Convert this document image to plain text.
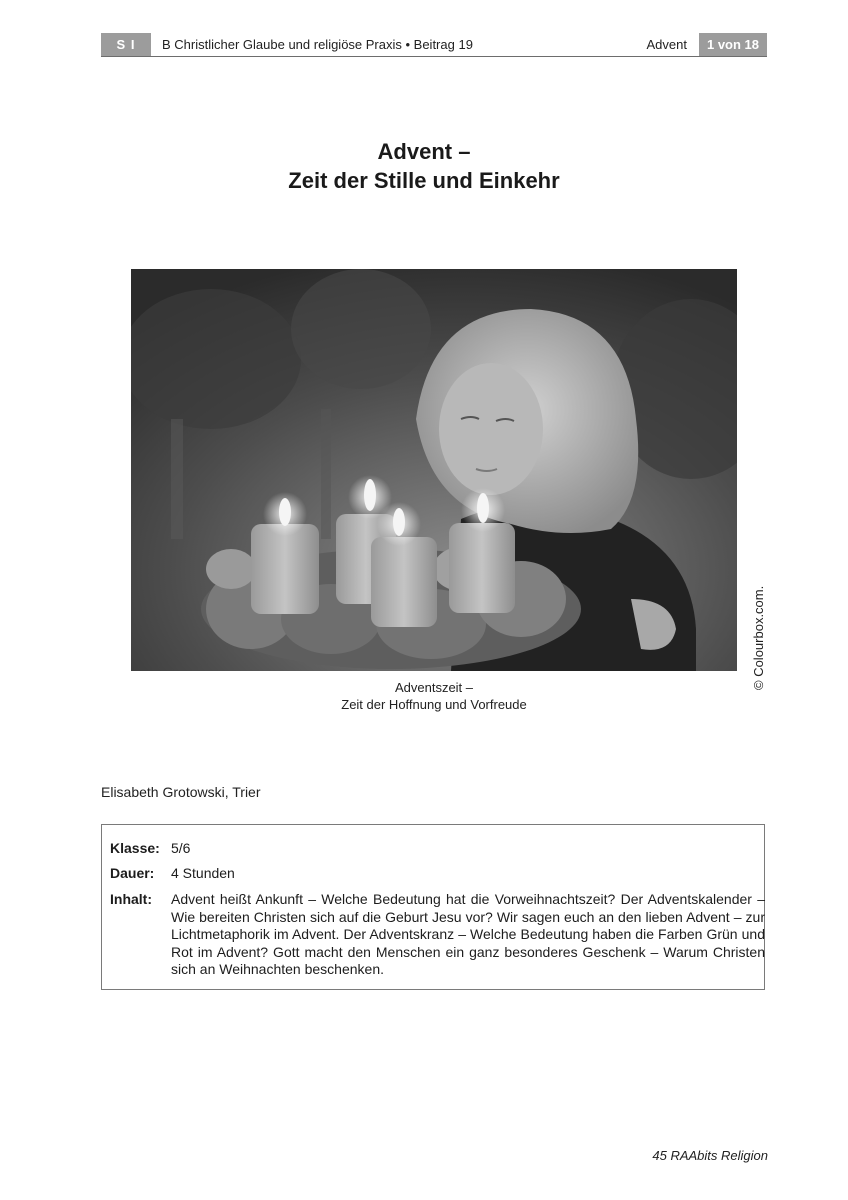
S I	B Christlicher Glaube und religiöse Praxis • Beitrag 19	Advent	1 von 18
Advent –
Zeit der Stille und Einkehr
© Colourbox.com.
Adventszeit –
Zeit der Hoffnung und Vorfreude
Elisabeth Grotowski, Trier
Klasse: 5/6
Dauer:	4 Stunden
Inhalt:	Advent heißt Ankunft – Welche Bedeutung hat die Vorweihnachtszeit? Der Adventskalender – Wie bereiten Christen sich auf die Geburt Jesu vor? Wir sagen euch an den lieben Advent – zur Lichtmetaphorik im Advent. Der Adventskranz – Welche Bedeutung haben die Farben Grün und Rot im Advent? Gott macht den Menschen ein ganz besonderes Geschenk – Warum Christen sich an Weihnachten beschenken.
45 RAAbits Religion
